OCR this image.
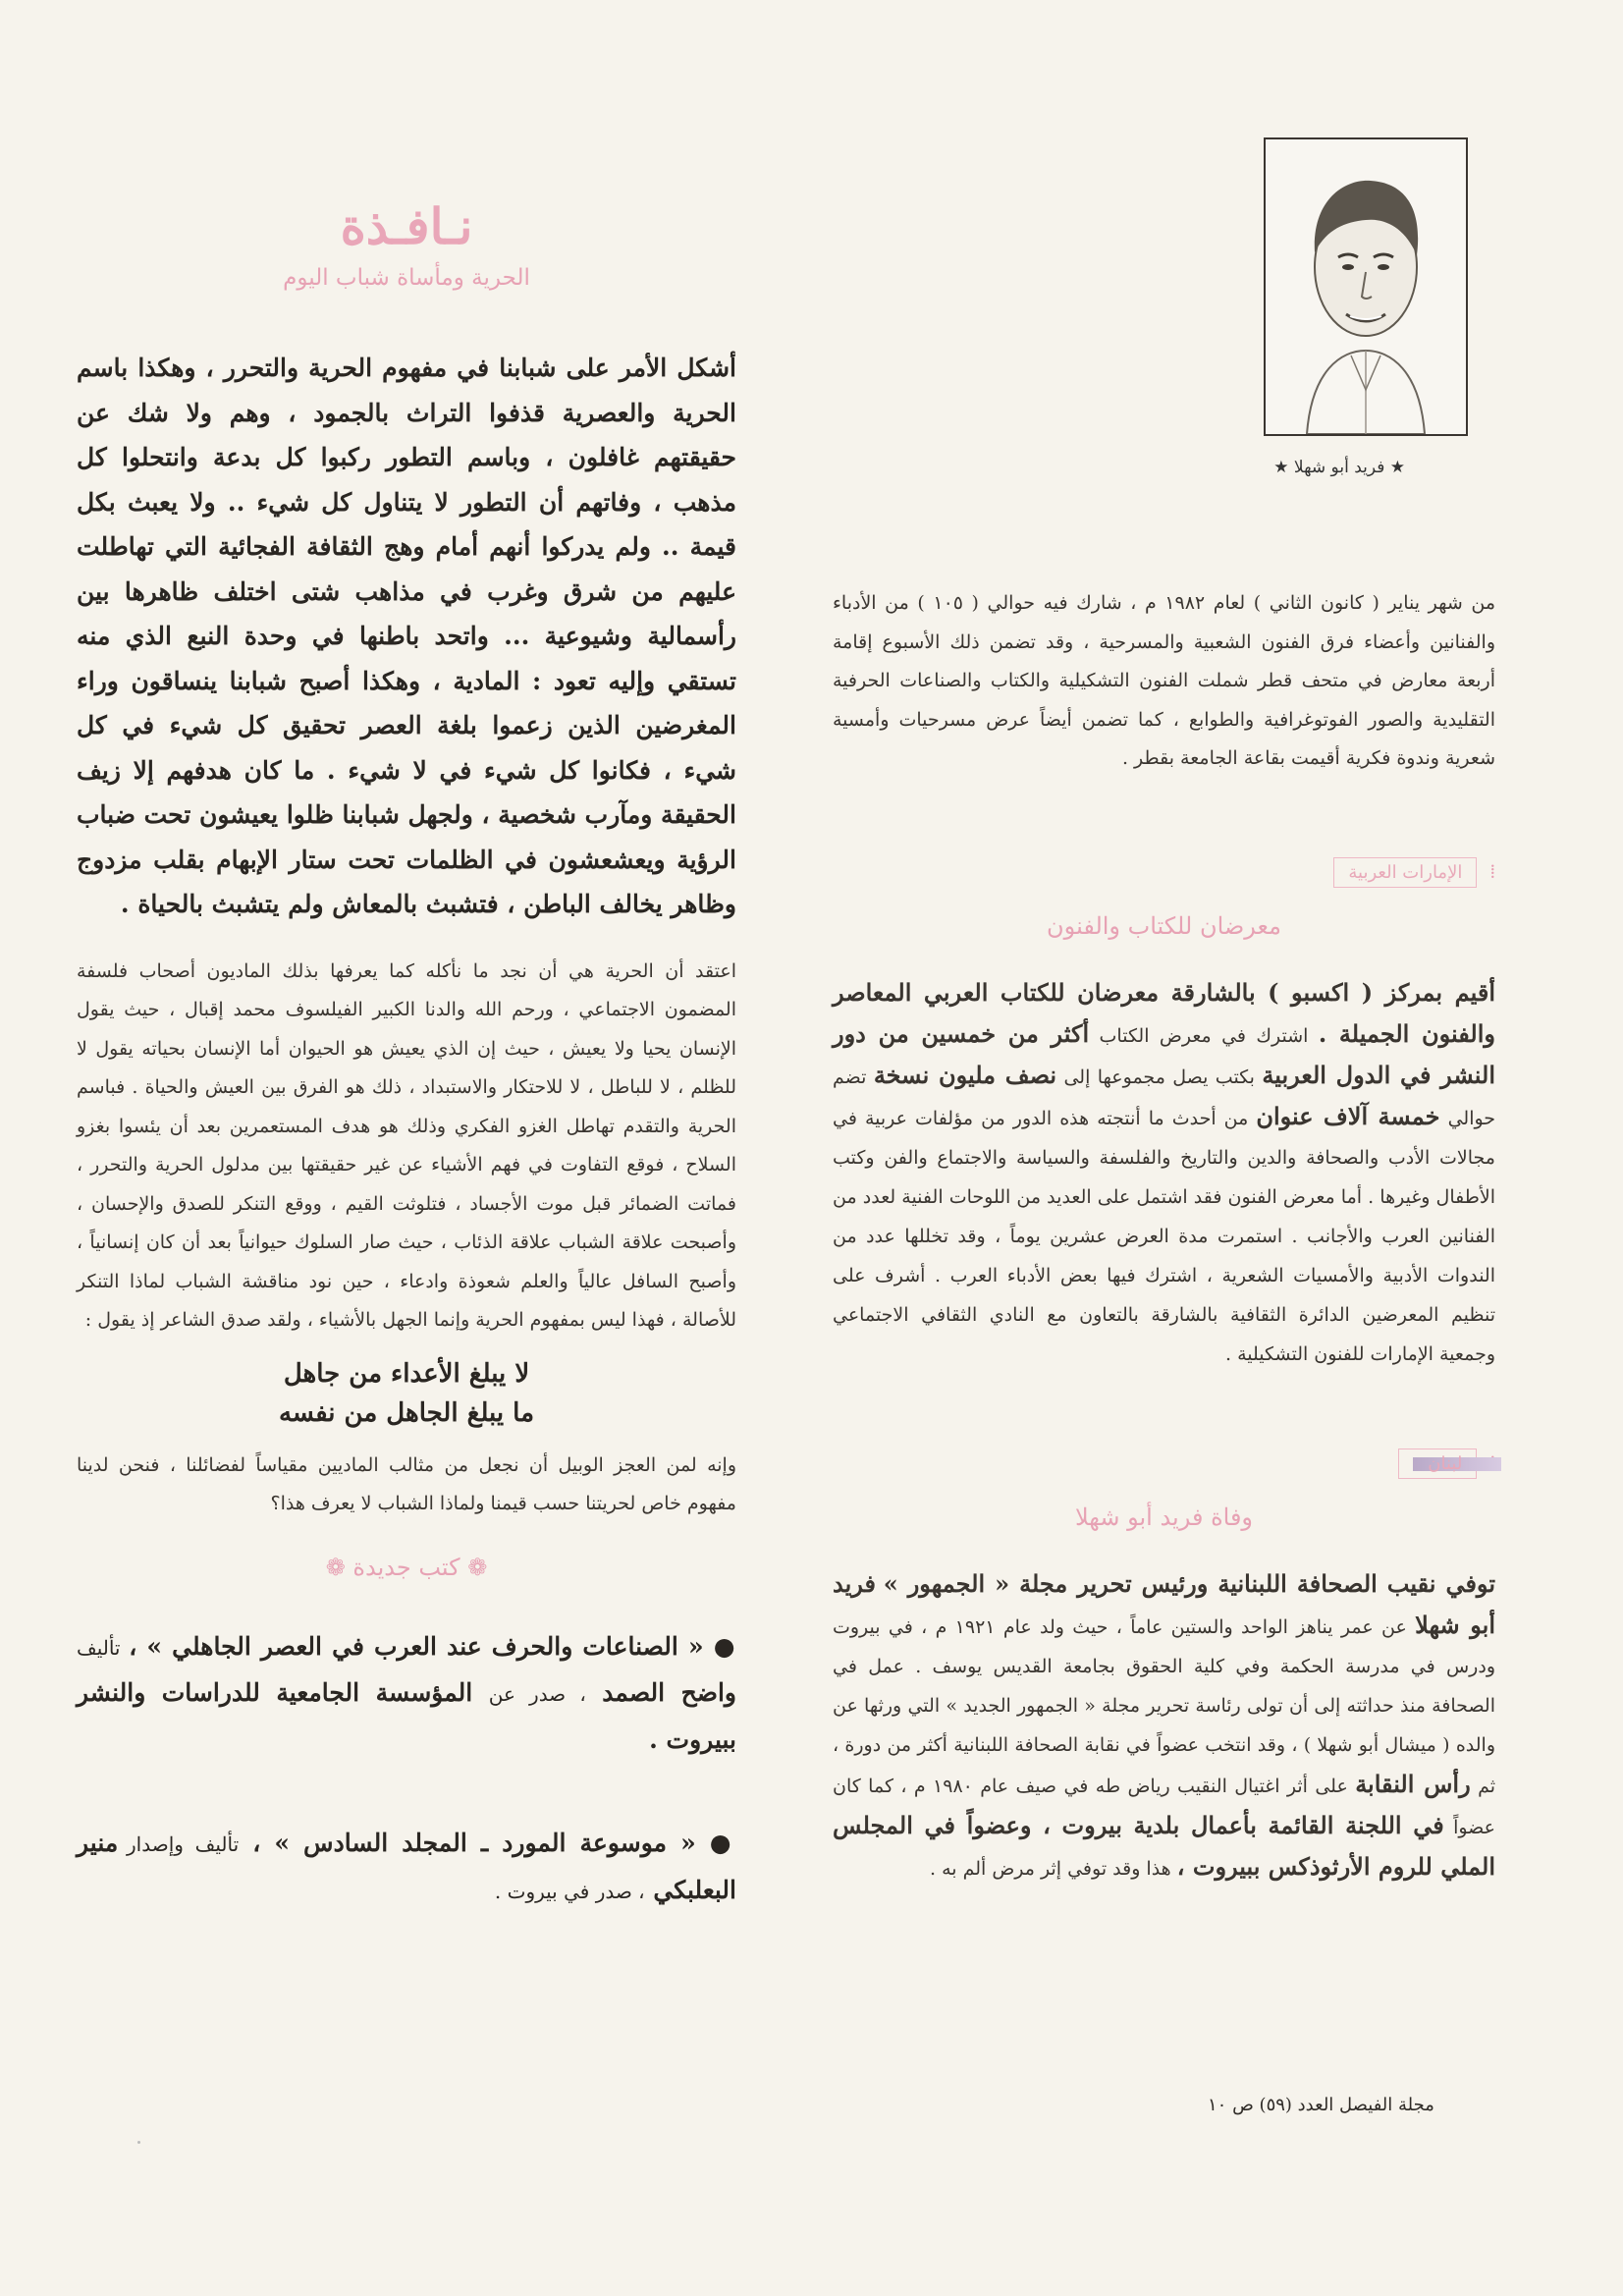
نـافـذة
الحرية ومأساة شباب اليوم

أشكل الأمر على شبابنا في مفهوم الحرية والتحرر ، وهكذا باسم الحرية والعصرية قذفوا التراث بالجمود ، وهم ولا شك عن حقيقتهم غافلون ، وباسم التطور ركبوا كل بدعة وانتحلوا كل مذهب ، وفاتهم أن التطور لا يتناول كل شيء .. ولا يعبث بكل قيمة .. ولم يدركوا أنهم أمام وهج الثقافة الفجائية التي تهاطلت عليهم من شرق وغرب في مذاهب شتى اختلف ظاهرها بين رأسمالية وشيوعية ... واتحد باطنها في وحدة النبع الذي منه تستقي وإليه تعود : المادية ، وهكذا أصبح شبابنا ينساقون وراء المغرضين الذين زعموا بلغة العصر تحقيق كل شيء في كل شيء ، فكانوا كل شيء في لا شيء . ما كان هدفهم إلا زيف الحقيقة ومآرب شخصية ، ولجهل شبابنا ظلوا يعيشون تحت ضباب الرؤية ويعشعشون في الظلمات تحت ستار الإبهام بقلب مزدوج وظاهر يخالف الباطن ، فتشبث بالمعاش ولم يتشبث بالحياة .

اعتقد أن الحرية هي أن نجد ما نأكله كما يعرفها بذلك الماديون أصحاب فلسفة المضمون الاجتماعي ، ورحم الله والدنا الكبير الفيلسوف محمد إقبال ، حيث يقول الإنسان يحيا ولا يعيش ، حيث إن الذي يعيش هو الحيوان أما الإنسان بحياته يقول لا للظلم ، لا للباطل ، لا للاحتكار والاستبداد ، ذلك هو الفرق بين العيش والحياة . فباسم الحرية والتقدم تهاطل الغزو الفكري وذلك هو هدف المستعمرين بعد أن يئسوا بغزو السلاح ، فوقع التفاوت في فهم الأشياء عن غير حقيقتها بين مدلول الحرية والتحرر ، فماتت الضمائر قبل موت الأجساد ، فتلوثت القيم ، ووقع التنكر للصدق والإحسان ، وأصبحت علاقة الشباب علاقة الذئاب ، حيث صار السلوك حيوانياً بعد أن كان إنسانياً ، وأصبح السافل عالياً والعلم شعوذة وادعاء ، حين نود مناقشة الشباب لماذا التنكر للأصالة ، فهذا ليس بمفهوم الحرية وإنما الجهل بالأشياء ، ولقد صدق الشاعر إذ يقول :

لا يبلغ الأعداء من جاهل
ما يبلغ الجاهل من نفسه

وإنه لمن العجز الوبيل أن نجعل من مثالب الماديين مقياساً لفضائلنا ، فنحن لدينا مفهوم خاص لحريتنا حسب قيمنا ولماذا الشباب لا يعرف هذا؟

❁ كتب جديدة ❁

● « الصناعات والحرف عند العرب في العصر الجاهلي » ، تأليف واضح الصمد ، صدر عن المؤسسة الجامعية للدراسات والنشر ببيروت .

● « موسوعة المورد ـ المجلد السادس » ، تأليف وإصدار منير البعلبكي ، صدر في بيروت .

★ فريد أبو شهلا ★

من شهر يناير ( كانون الثاني ) لعام ١٩٨٢ م ، شارك فيه حوالي ( ١٠٥ ) من الأدباء والفنانين وأعضاء فرق الفنون الشعبية والمسرحية ، وقد تضمن ذلك الأسبوع إقامة أربعة معارض في متحف قطر شملت الفنون التشكيلية والكتاب والصناعات الحرفية التقليدية والصور الفوتوغرافية والطوابع ، كما تضمن أيضاً عرض مسرحيات وأمسية شعرية وندوة فكرية أقيمت بقاعة الجامعة بقطر .

⁞ الإمارات العربية
معرضان للكتاب والفنون

أقيم بمركز ( اكسبو ) بالشارقة معرضان للكتاب العربي المعاصر والفنون الجميلة . اشترك في معرض الكتاب أكثر من خمسين من دور النشر في الدول العربية بكتب يصل مجموعها إلى نصف مليون نسخة تضم حوالي خمسة آلاف عنوان من أحدث ما أنتجته هذه الدور من مؤلفات عربية في مجالات الأدب والصحافة والدين والتاريخ والفلسفة والسياسة والاجتماع والفن وكتب الأطفال وغيرها . أما معرض الفنون فقد اشتمل على العديد من اللوحات الفنية لعدد من الفنانين العرب والأجانب . استمرت مدة العرض عشرين يوماً ، وقد تخللها عدد من الندوات الأدبية والأمسيات الشعرية ، اشترك فيها بعض الأدباء العرب . أشرف على تنظيم المعرضين الدائرة الثقافية بالشارقة بالتعاون مع النادي الثقافي الاجتماعي وجمعية الإمارات للفنون التشكيلية .

لبنان
وفاة فريد أبو شهلا

توفي نقيب الصحافة اللبنانية ورئيس تحرير مجلة « الجمهور » فريد أبو شهلا عن عمر يناهز الواحد والستين عاماً ، حيث ولد عام ١٩٢١ م ، في بيروت ودرس في مدرسة الحكمة وفي كلية الحقوق بجامعة القديس يوسف . عمل في الصحافة منذ حداثته إلى أن تولى رئاسة تحرير مجلة « الجمهور الجديد » التي ورثها عن والده ( ميشال أبو شهلا ) ، وقد انتخب عضواً في نقابة الصحافة اللبنانية أكثر من دورة ، ثم رأس النقابة على أثر اغتيال النقيب رياض طه في صيف عام ١٩٨٠ م ، كما كان عضواً في اللجنة القائمة بأعمال بلدية بيروت ، وعضواً في المجلس الملي للروم الأرثوذكس ببيروت ، هذا وقد توفي إثر مرض ألم به .

مجلة الفيصل العدد (٥٩) ص ١٠
